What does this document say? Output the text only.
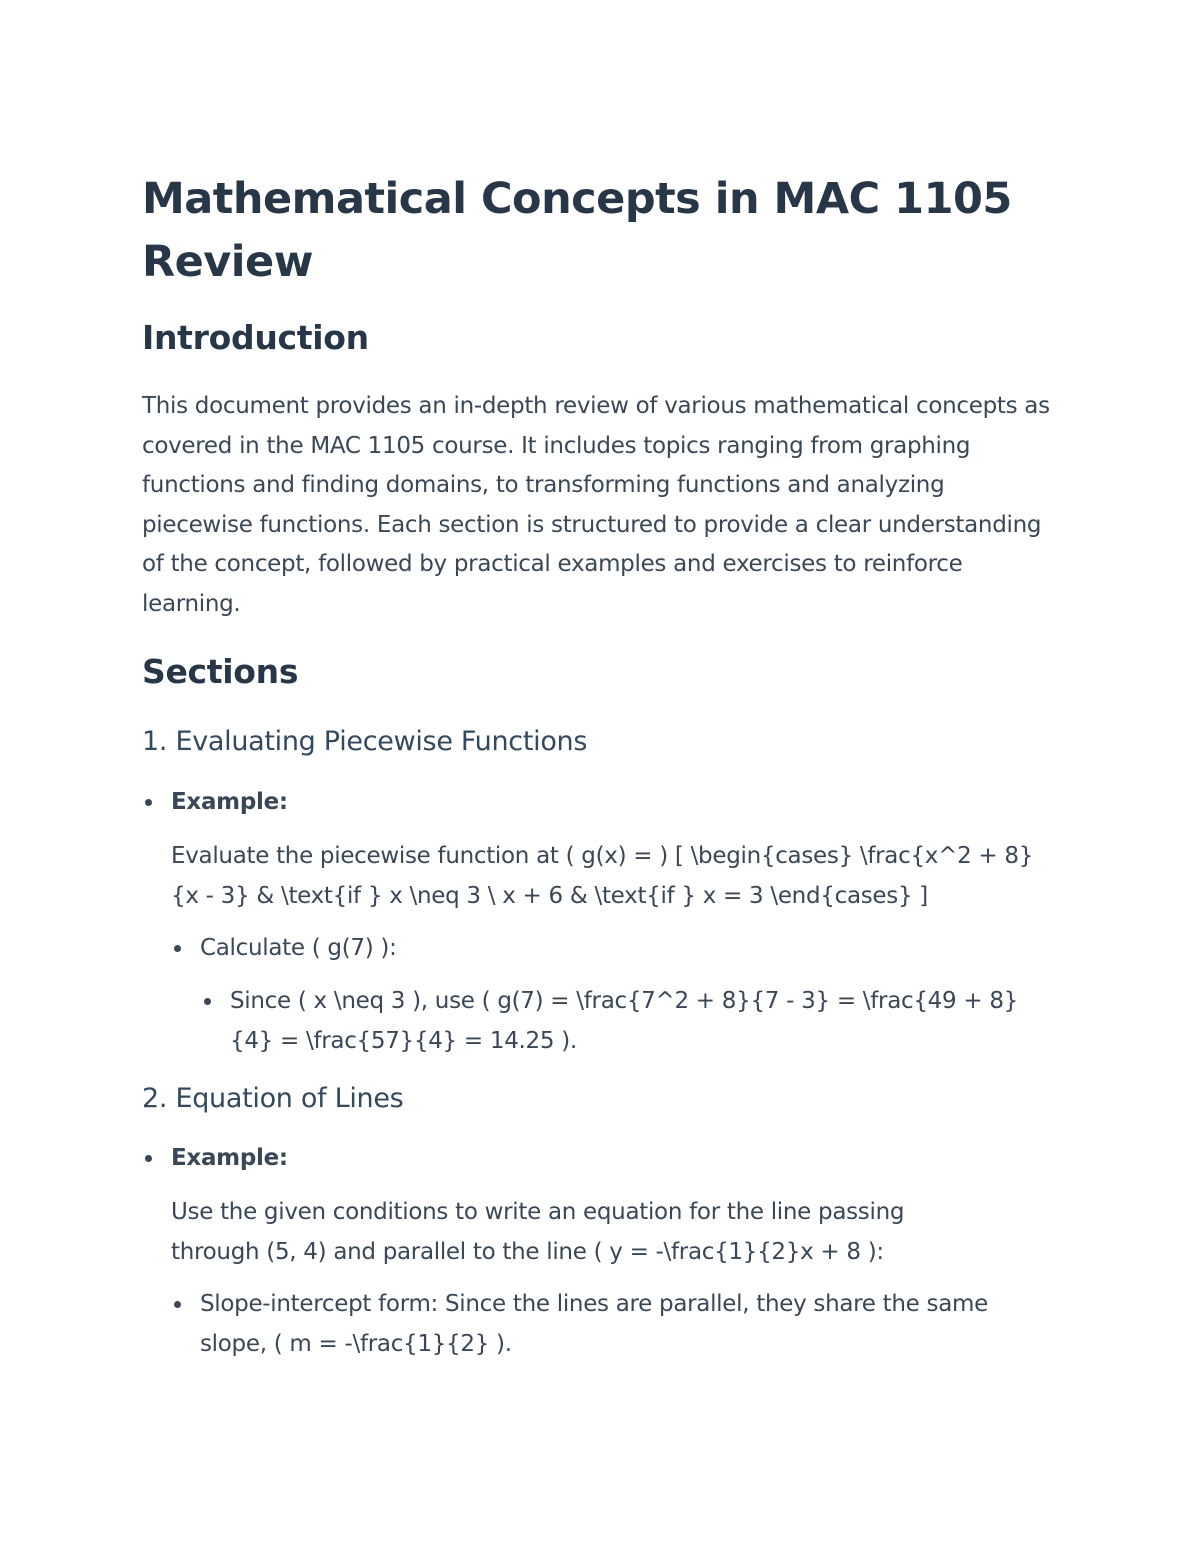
Mathematical Concepts in MAC 1105 Review
Introduction

This document provides an in-depth review of various mathematical concepts as covered in the MAC 1105 course. It includes topics ranging from graphing functions and finding domains, to transforming functions and analyzing piecewise functions. Each section is structured to provide a clear understanding of the concept, followed by practical examples and exercises to reinforce learning.

Sections
1. Evaluating Piecewise Functions
Example:

Evaluate the piecewise function at ( g(x) = ) [ \begin{cases} \frac{x^2 + 8}{x - 3} & \text{if } x \neq 3 \ x + 6 & \text{if } x = 3 \end{cases} ]

Calculate ( g(7) ):
Since ( x \neq 3 ), use ( g(7) = \frac{7^2 + 8}{7 - 3} = \frac{49 + 8}{4} = \frac{57}{4} = 14.25 ).
2. Equation of Lines
Example:

Use the given conditions to write an equation for the line passing through (5, 4) and parallel to the line ( y = -\frac{1}{2}x + 8 ):

Slope-intercept form: Since the lines are parallel, they share the same slope, ( m = -\frac{1}{2} ).
